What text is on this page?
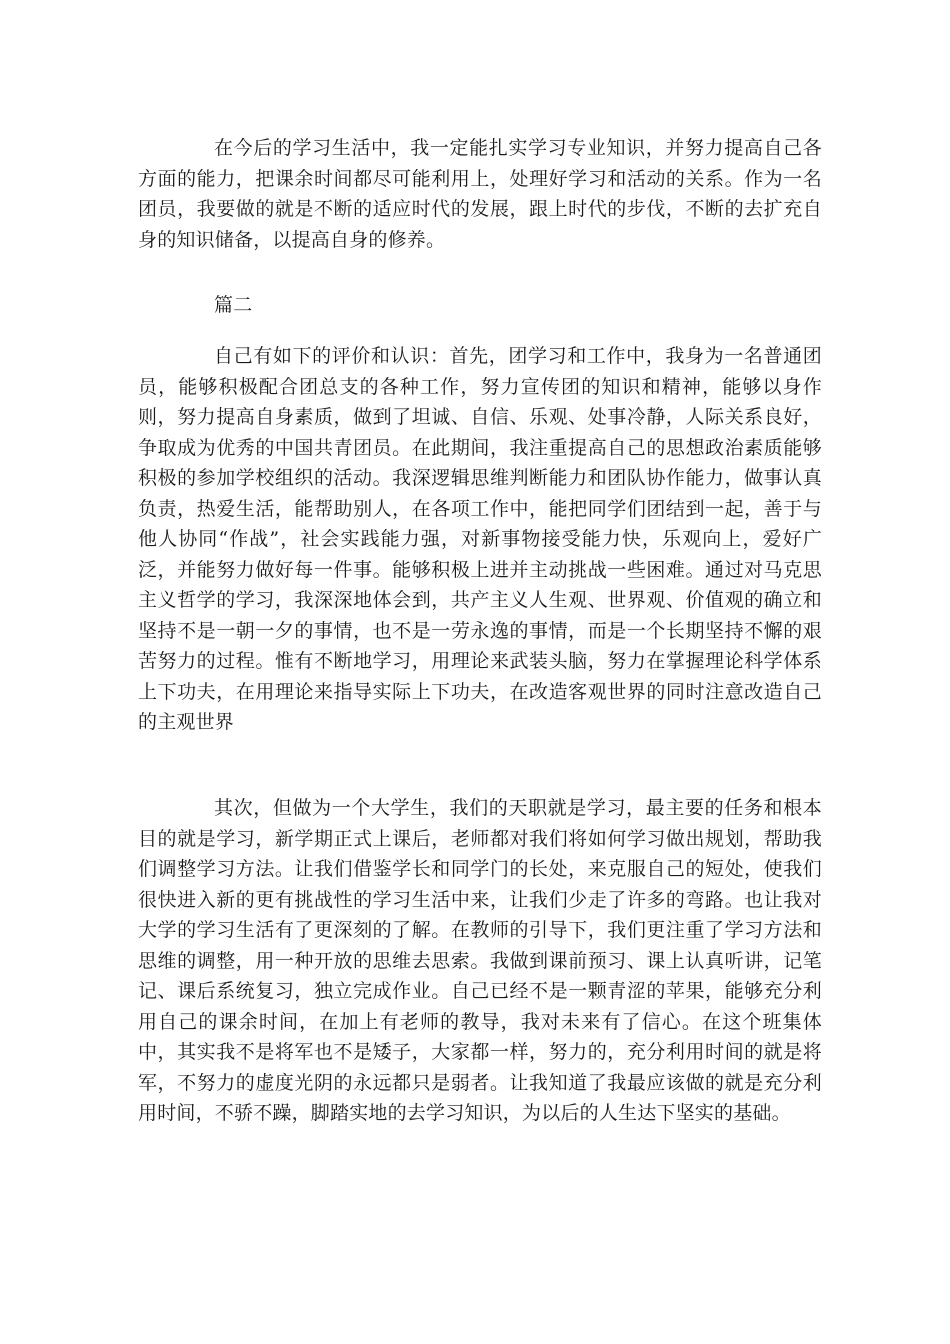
在今后的学习生活中，我一定能扎实学习专业知识，并努力提高自己各方面的能力，把课余时间都尽可能利用上，处理好学习和活动的关系。作为一名团员，我要做的就是不断的适应时代的发展，跟上时代的步伐，不断的去扩充自身的知识储备，以提高自身的修养。

篇二

自己有如下的评价和认识：首先，团学习和工作中，我身为一名普通团员，能够积极配合团总支的各种工作，努力宣传团的知识和精神，能够以身作则，努力提高自身素质，做到了坦诚、自信、乐观、处事冷静，人际关系良好，争取成为优秀的中国共青团员。在此期间，我注重提高自己的思想政治素质能够积极的参加学校组织的活动。我深逻辑思维判断能力和团队协作能力，做事认真负责，热爱生活，能帮助别人，在各项工作中，能把同学们团结到一起，善于与他人协同“作战”，社会实践能力强，对新事物接受能力快，乐观向上，爱好广泛，并能努力做好每一件事。能够积极上进并主动挑战一些困难。通过对马克思主义哲学的学习，我深深地体会到，共产主义人生观、世界观、价值观的确立和坚持不是一朝一夕的事情，也不是一劳永逸的事情，而是一个长期坚持不懈的艰苦努力的过程。惟有不断地学习，用理论来武装头脑，努力在掌握理论科学体系上下功夫，在用理论来指导实际上下功夫，在改造客观世界的同时注意改造自己的主观世界

其次，但做为一个大学生，我们的天职就是学习，最主要的任务和根本目的就是学习，新学期正式上课后，老师都对我们将如何学习做出规划，帮助我们调整学习方法。让我们借鉴学长和同学门的长处，来克服自己的短处，使我们很快进入新的更有挑战性的学习生活中来，让我们少走了许多的弯路。也让我对大学的学习生活有了更深刻的了解。在教师的引导下，我们更注重了学习方法和思维的调整，用一种开放的思维去思索。我做到课前预习、课上认真听讲，记笔记、课后系统复习，独立完成作业。自己已经不是一颗青涩的苹果，能够充分利用自己的课余时间，在加上有老师的教导，我对未来有了信心。在这个班集体中，其实我不是将军也不是矮子，大家都一样，努力的，充分利用时间的就是将军，不努力的虚度光阴的永远都只是弱者。让我知道了我最应该做的就是充分利用时间，不骄不躁，脚踏实地的去学习知识，为以后的人生达下坚实的基础。
